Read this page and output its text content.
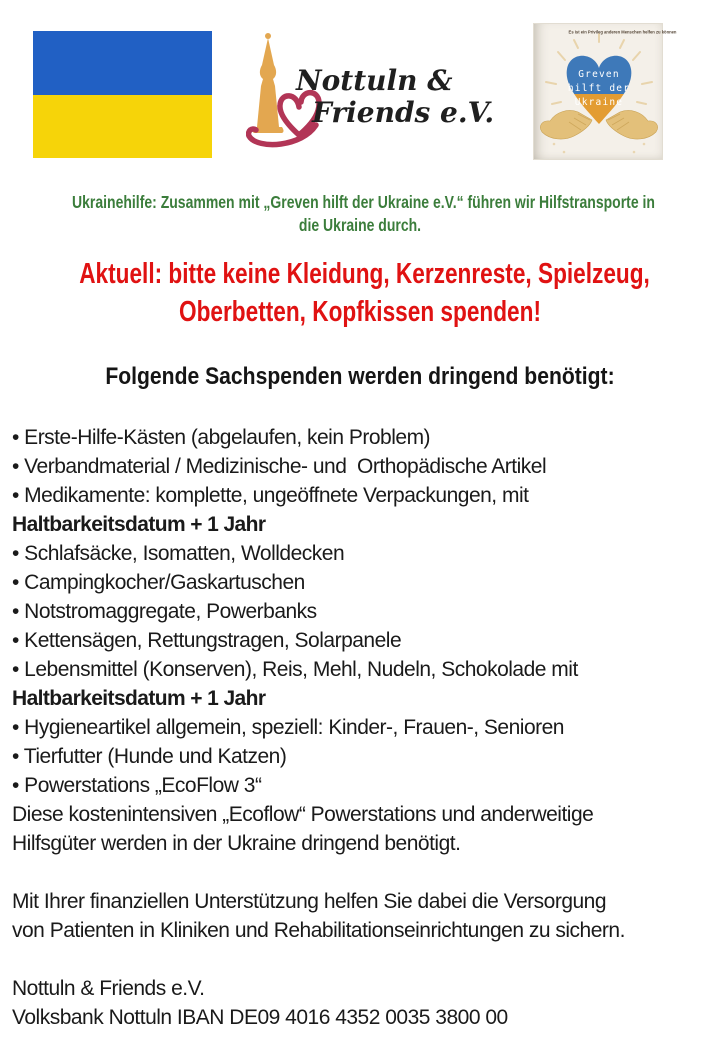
Nottuln &
Friends e.V.
Es ist ein Privileg anderen Menschen helfen zu können
Greven
hilft der
Ukraine
Ukrainehilfe: Zusammen mit „Greven hilft der Ukraine e.V.“ führen wir Hilfstransporte in
die Ukraine durch.
Aktuell: bitte keine Kleidung, Kerzenreste, Spielzeug,
Oberbetten, Kopfkissen spenden!
Folgende Sachspenden werden dringend benötigt:
• Erste-Hilfe-Kästen (abgelaufen, kein Problem)
• Verbandmaterial / Medizinische- und  Orthopädische Artikel
• Medikamente: komplette, ungeöffnete Verpackungen, mit
Haltbarkeitsdatum + 1 Jahr
• Schlafsäcke, Isomatten, Wolldecken
• Campingkocher/Gaskartuschen
• Notstromaggregate, Powerbanks
• Kettensägen, Rettungstragen, Solarpanele
• Lebensmittel (Konserven), Reis, Mehl, Nudeln, Schokolade mit
Haltbarkeitsdatum + 1 Jahr
• Hygieneartikel allgemein, speziell: Kinder-, Frauen-, Senioren
• Tierfutter (Hunde und Katzen)
• Powerstations „EcoFlow 3“
Diese kostenintensiven „Ecoflow“ Powerstations und anderweitige
Hilfsgüter werden in der Ukraine dringend benötigt.
Mit Ihrer finanziellen Unterstützung helfen Sie dabei die Versorgung
von Patienten in Kliniken und Rehabilitationseinrichtungen zu sichern.
Nottuln & Friends e.V.
Volksbank Nottuln IBAN DE09 4016 4352 0035 3800 00
